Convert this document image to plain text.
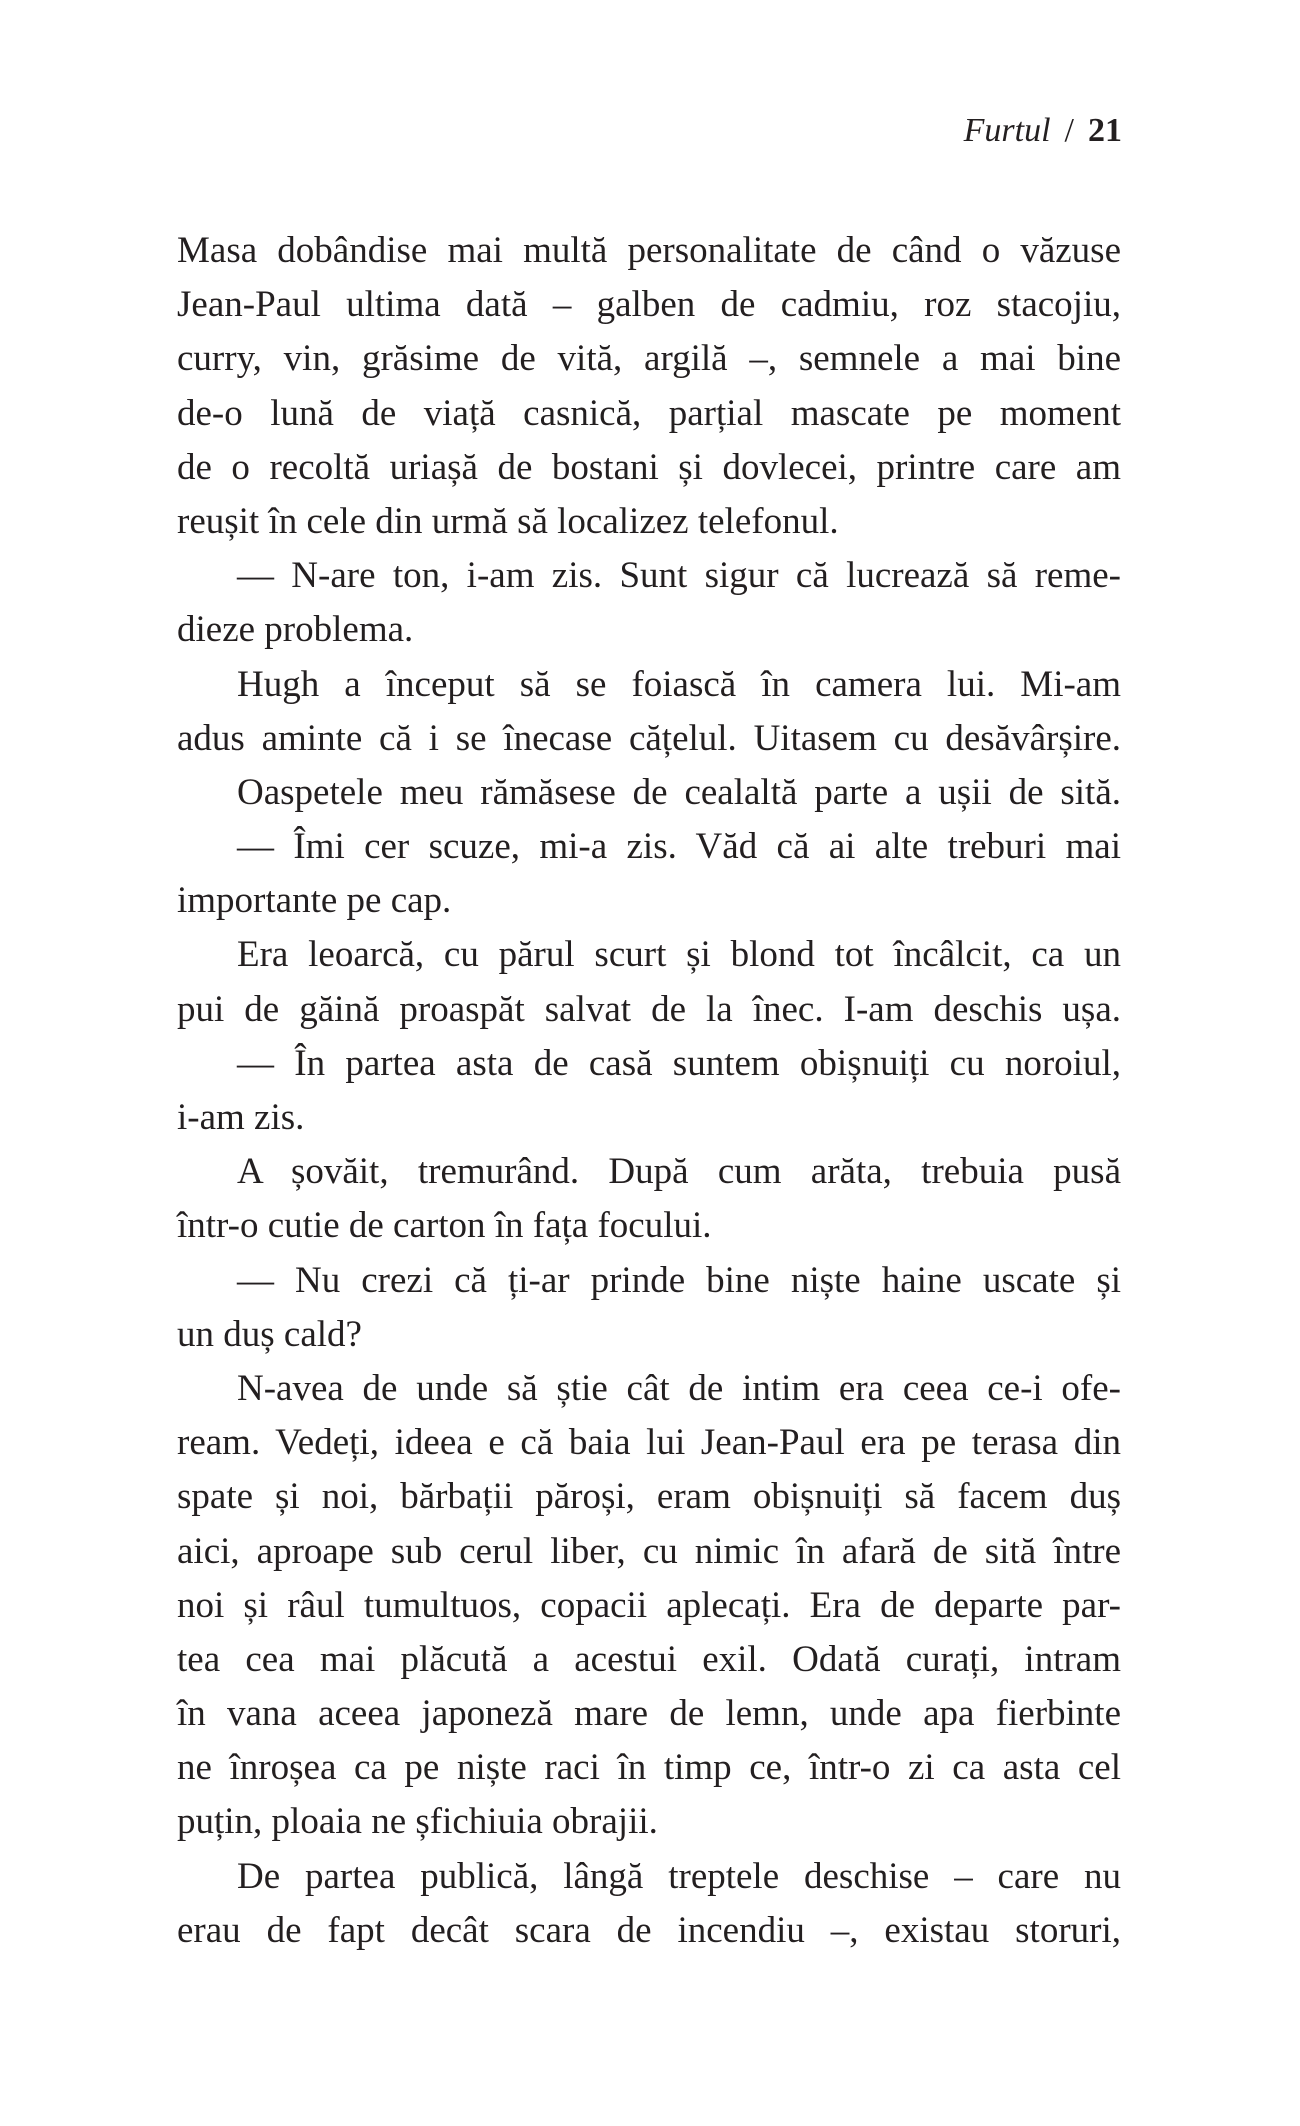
Furtul / 21
Masa dobândise mai multă personalitate de când o văzuse
Jean-Paul ultima dată – galben de cadmiu, roz stacojiu,
curry, vin, grăsime de vită, argilă –, semnele a mai bine
de-o lună de viață casnică, parțial mascate pe moment
de o recoltă uriașă de bostani și dovlecei, printre care am
reușit în cele din urmă să localizez telefonul.
— N-are ton, i-am zis. Sunt sigur că lucrează să reme-
dieze problema.
Hugh a început să se foiască în camera lui. Mi-am
adus aminte că i se înecase cățelul. Uitasem cu desăvârșire.
Oaspetele meu rămăsese de cealaltă parte a ușii de sită.
— Îmi cer scuze, mi-a zis. Văd că ai alte treburi mai
importante pe cap.
Era leoarcă, cu părul scurt și blond tot încâlcit, ca un
pui de găină proaspăt salvat de la înec. I-am deschis ușa.
— În partea asta de casă suntem obișnuiți cu noroiul,
i-am zis.
A șovăit, tremurând. După cum arăta, trebuia pusă
într-o cutie de carton în fața focului.
— Nu crezi că ți-ar prinde bine niște haine uscate și
un duș cald?
N-avea de unde să știe cât de intim era ceea ce-i ofe-
ream. Vedeți, ideea e că baia lui Jean-Paul era pe terasa din
spate și noi, bărbații păroși, eram obișnuiți să facem duș
aici, aproape sub cerul liber, cu nimic în afară de sită între
noi și râul tumultuos, copacii aplecați. Era de departe par-
tea cea mai plăcută a acestui exil. Odată curați, intram
în vana aceea japoneză mare de lemn, unde apa fierbinte
ne înroșea ca pe niște raci în timp ce, într-o zi ca asta cel
puțin, ploaia ne șfichiuia obrajii.
De partea publică, lângă treptele deschise – care nu
erau de fapt decât scara de incendiu –, existau storuri,
